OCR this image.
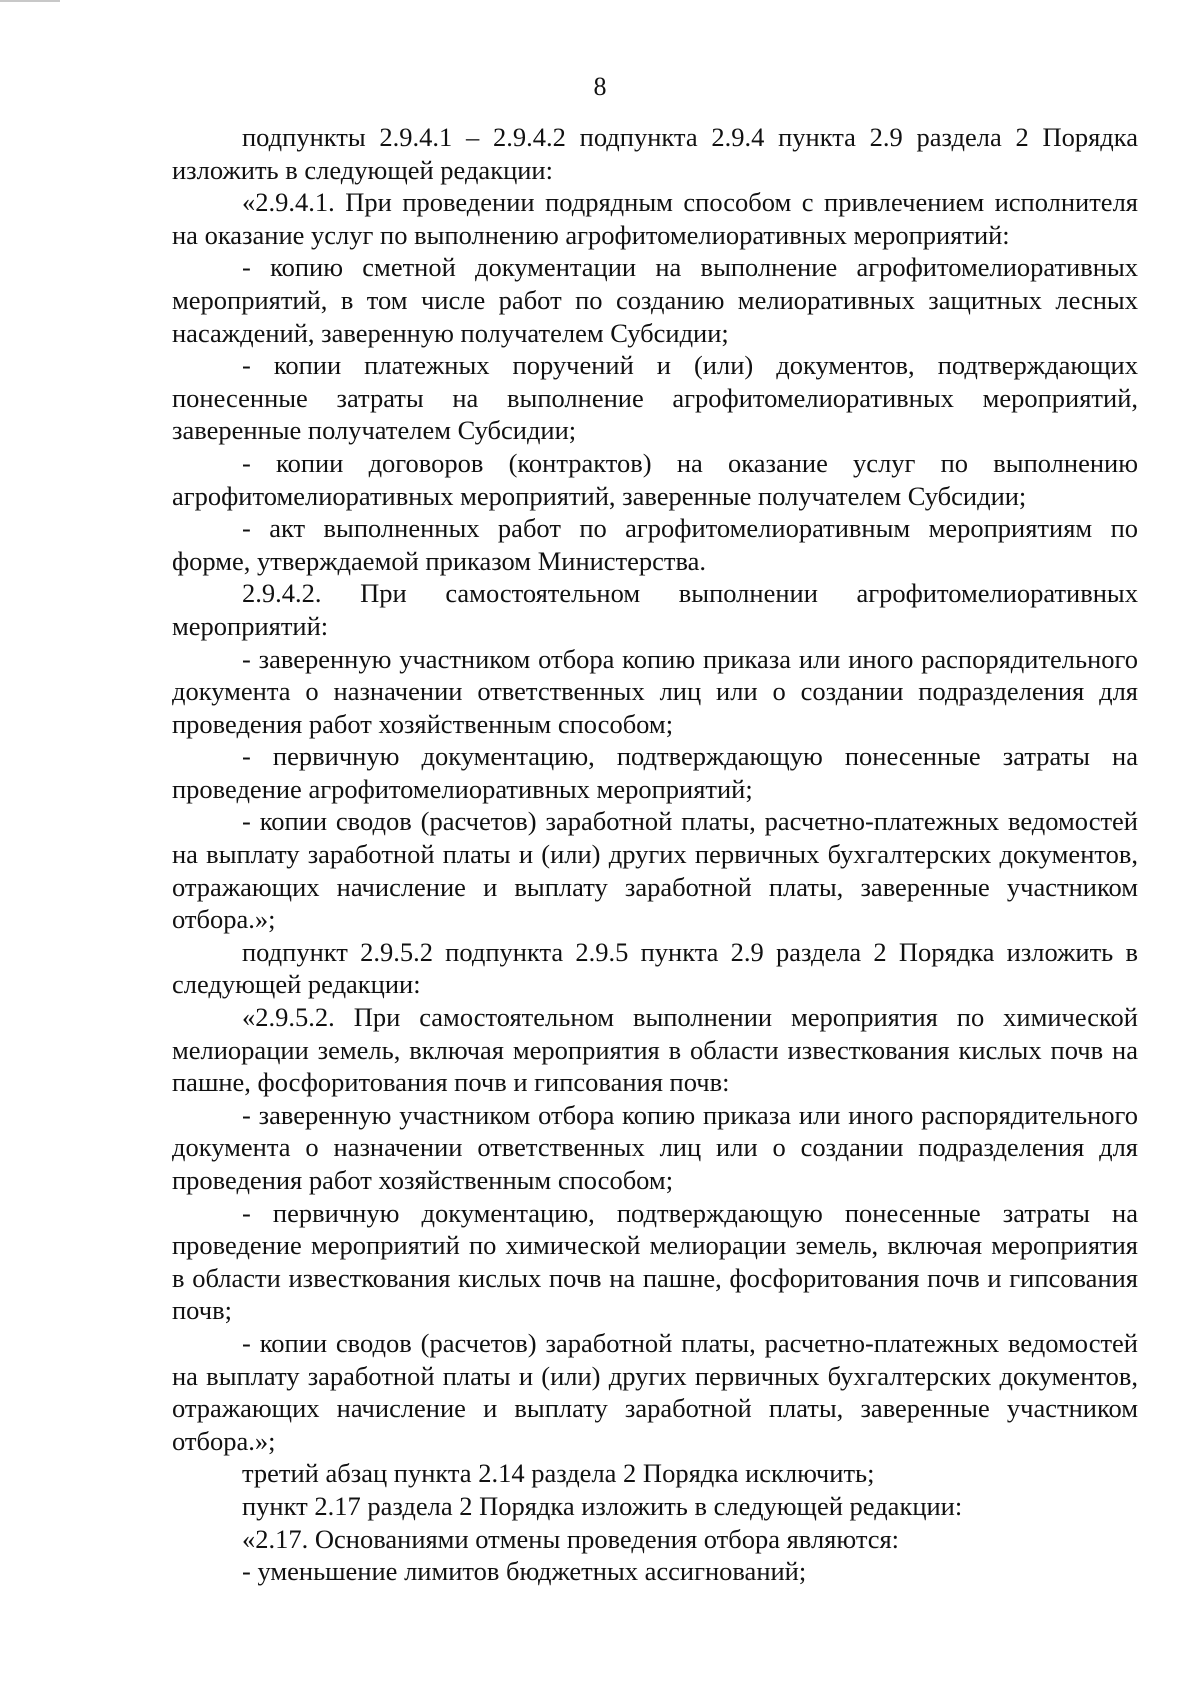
8

подпункты 2.9.4.1 – 2.9.4.2 подпункта 2.9.4 пункта 2.9 раздела 2 Порядка изложить в следующей редакции:

«2.9.4.1. При проведении подрядным способом с привлечением исполнителя на оказание услуг по выполнению агрофитомелиоративных мероприятий:

- копию сметной документации на выполнение агрофитомелиоративных мероприятий, в том числе работ по созданию мелиоративных защитных лесных насаждений, заверенную получателем Субсидии;

- копии платежных поручений и (или) документов, подтверждающих понесенные затраты на выполнение агрофитомелиоративных мероприятий, заверенные получателем Субсидии;

- копии договоров (контрактов) на оказание услуг по выполнению агрофитомелиоративных мероприятий, заверенные получателем Субсидии;

- акт выполненных работ по агрофитомелиоративным мероприятиям по форме, утверждаемой приказом Министерства.

2.9.4.2. При самостоятельном выполнении агрофитомелиоративных мероприятий:

- заверенную участником отбора копию приказа или иного распорядительного документа о назначении ответственных лиц или о создании подразделения для проведения работ хозяйственным способом;

- первичную документацию, подтверждающую понесенные затраты на проведение агрофитомелиоративных мероприятий;

- копии сводов (расчетов) заработной платы, расчетно-платежных ведомостей на выплату заработной платы и (или) других первичных бухгалтерских документов, отражающих начисление и выплату заработной платы, заверенные участником отбора.»;

подпункт 2.9.5.2 подпункта 2.9.5 пункта 2.9 раздела 2 Порядка изложить в следующей редакции:

«2.9.5.2. При самостоятельном выполнении мероприятия по химической мелиорации земель, включая мероприятия в области известкования кислых почв на пашне, фосфоритования почв и гипсования почв:

- заверенную участником отбора копию приказа или иного распорядительного документа о назначении ответственных лиц или о создании подразделения для проведения работ хозяйственным способом;

- первичную документацию, подтверждающую понесенные затраты на проведение мероприятий по химической мелиорации земель, включая мероприятия в области известкования кислых почв на пашне, фосфоритования почв и гипсования почв;

- копии сводов (расчетов) заработной платы, расчетно-платежных ведомостей на выплату заработной платы и (или) других первичных бухгалтерских документов, отражающих начисление и выплату заработной платы, заверенные участником отбора.»;

третий абзац пункта 2.14 раздела 2 Порядка исключить;

пункт 2.17 раздела 2 Порядка изложить в следующей редакции:

«2.17. Основаниями отмены проведения отбора являются:

- уменьшение лимитов бюджетных ассигнований;
